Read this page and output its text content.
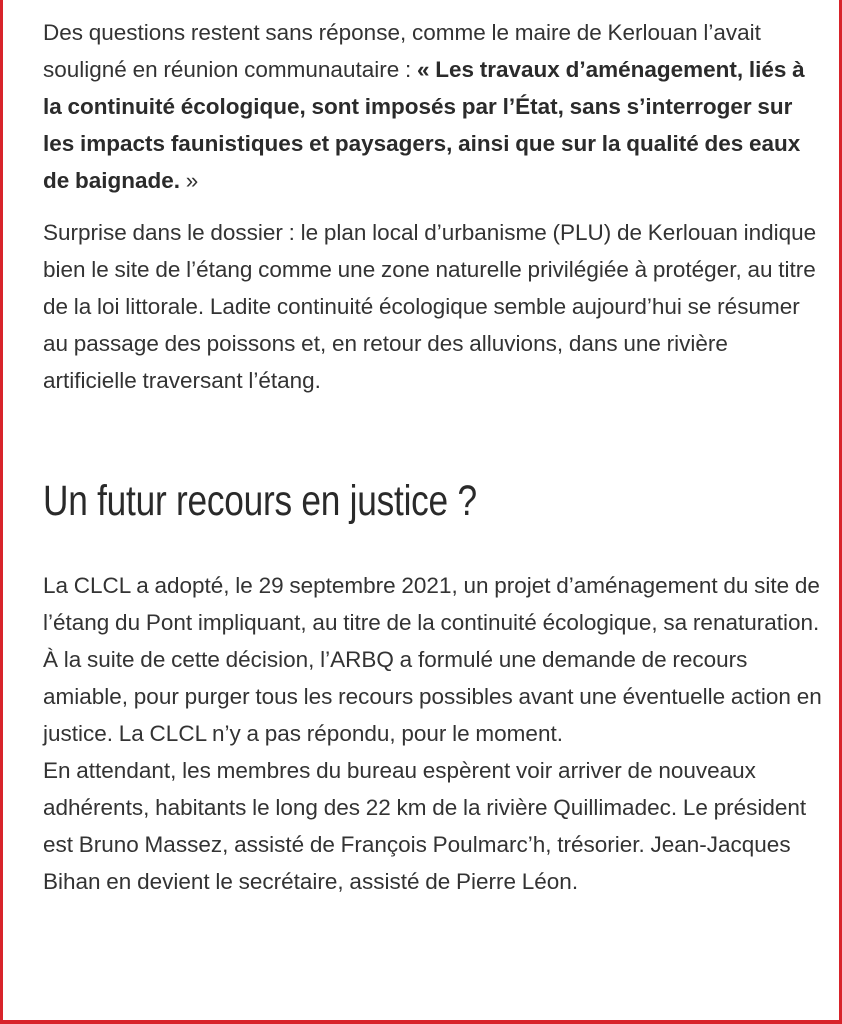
Des questions restent sans réponse, comme le maire de Kerlouan l’avait souligné en réunion communautaire : « Les travaux d’aménagement, liés à la continuité écologique, sont imposés par l’État, sans s’interroger sur les impacts faunistiques et paysagers, ainsi que sur la qualité des eaux de baignade. »

Surprise dans le dossier : le plan local d’urbanisme (PLU) de Kerlouan indique bien le site de l’étang comme une zone naturelle privilégiée à protéger, au titre de la loi littorale. Ladite continuité écologique semble aujourd’hui se résumer au passage des poissons et, en retour des alluvions, dans une rivière artificielle traversant l’étang.

Un futur recours en justice ?

La CLCL a adopté, le 29 septembre 2021, un projet d’aménagement du site de l’étang du Pont impliquant, au titre de la continuité écologique, sa renaturation. À la suite de cette décision, l’ARBQ a formulé une demande de recours amiable, pour purger tous les recours possibles avant une éventuelle action en justice. La CLCL n’y a pas répondu, pour le moment.

En attendant, les membres du bureau espèrent voir arriver de nouveaux adhérents, habitants le long des 22 km de la rivière Quillimadec. Le président est Bruno Massez, assisté de François Poulmarc’h, trésorier. Jean-Jacques Bihan en devient le secrétaire, assisté de Pierre Léon.
